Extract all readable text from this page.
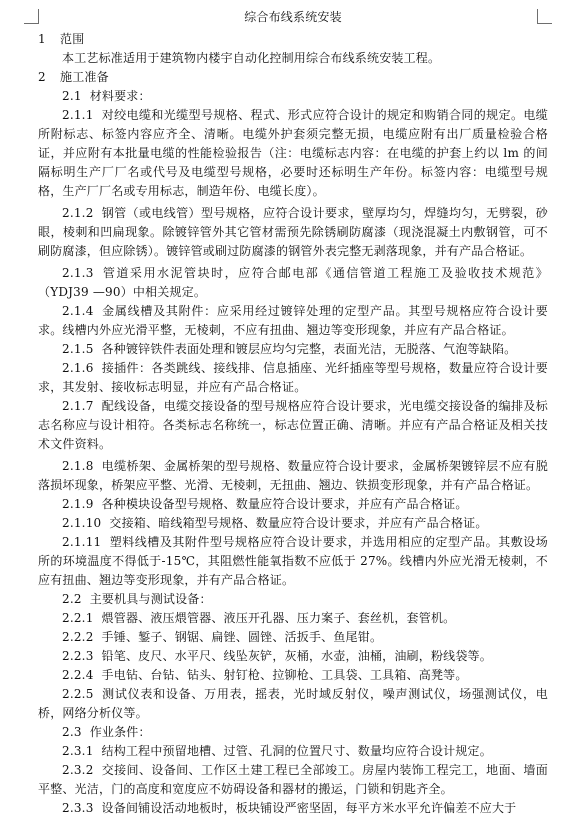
综合布线系统安装
1 范围

本工艺标准适用于建筑物内楼宇自动化控制用综合布线系统安装工程。

2 施工准备
2.1 材料要求：

2.1.1 对绞电缆和光缆型号规格、程式、形式应符合设计的规定和购销合同的规定。电缆所附标志、标签内容应齐全、清晰。电缆外护套须完整无损，电缆应附有出厂质量检验合格证，并应附有本批量电缆的性能检验报告（注：电缆标志内容：在电缆的护套上约以 lm 的间隔标明生产厂厂名或代号及电缆型号规格，必要时还标明生产年份。标签内容：电缆型号规格，生产厂厂名或专用标志，制造年份、电缆长度）。

2.1.2 钢管（或电线管）型号规格，应符合设计要求，壁厚均匀，焊缝均匀，无劈裂，砂眼，棱刺和凹扁现象。除镀锌管外其它管材需预先除锈刷防腐漆（现浇混凝土内敷钢管，可不刷防腐漆，但应除锈）。镀锌管或刷过防腐漆的钢管外表完整无剥落现象，并有产品合格证。

2.1.3 管道采用水泥管块时，应符合邮电部《通信管道工程施工及验收技术规范》（YDJ39 —90）中相关规定。

2.1.4 金属线槽及其附件：应采用经过镀锌处理的定型产品。其型号规格应符合设计要求。线槽内外应光滑平整，无棱刺，不应有扭曲、翘边等变形现象，并应有产品合格证。

2.1.5 各种镀锌铁件表面处理和镀层应均匀完整，表面光洁，无脱落、气泡等缺陷。

2.1.6 接插件：各类跳线、接线排、信息插座、光纤插座等型号规格，数量应符合设计要求，其发射、接收标志明显，并应有产品合格证。

2.1.7 配线设备，电缆交接设备的型号规格应符合设计要求，光电缆交接设备的编排及标志名称应与设计相符。各类标志名称统一，标志位置正确、清晰。并应有产品合格证及相关技术文件资料。

2.1.8 电缆桥架、金属桥架的型号规格、数量应符合设计要求，金属桥架镀锌层不应有脱落损坏现象，桥架应平整、光滑、无棱刺，无扭曲、翘边、铁损变形现象，并有产品合格证。

2.1.9 各种模块设备型号规格、数量应符合设计要求，并应有产品合格证。

2.1.10 交接箱、暗线箱型号规格、数量应符合设计要求，并应有产品合格证。

2.1.11 塑料线槽及其附件型号规格应符合设计要求，并选用相应的定型产品。其敷设场所的环境温度不得低于-15℃，其阻燃性能氧指数不应低于 27%。线槽内外应光滑无棱刺，不应有扭曲、翘边等变形现象，并有产品合格证。

2.2 主要机具与测试设备：

2.2.1 煨管器、液压煨管器、液压开孔器、压力案子、套丝机，套管机。

2.2.2 手锤、錾子、钢锯、扁锉、圆锉、活扳手、鱼尾钳。

2.2.3 铅笔、皮尺、水平尺、线坠灰铲，灰桶，水壶，油桶，油刷，粉线袋等。

2.2.4 手电钻、台钻、钻头、射钉枪、拉铆枪、工具袋、工具箱、高凳等。

2.2.5 测试仪表和设备、万用表，摇表，光时域反射仪，噪声测试仪，场强测试仪，电桥，网络分析仪等。

2.3 作业条件：

2.3.1 结构工程中预留地槽、过管、孔洞的位置尺寸、数量均应符合设计规定。

2.3.2 交接间、设备间、工作区土建工程已全部竣工。房屋内装饰工程完工，地面、墙面平整、光洁，门的高度和宽度应不妨碍设备和器材的搬运，门锁和钥匙齐全。

2.3.3 设备间铺设活动地板时，板块铺设严密坚固，每平方米水平允许偏差不应大于
